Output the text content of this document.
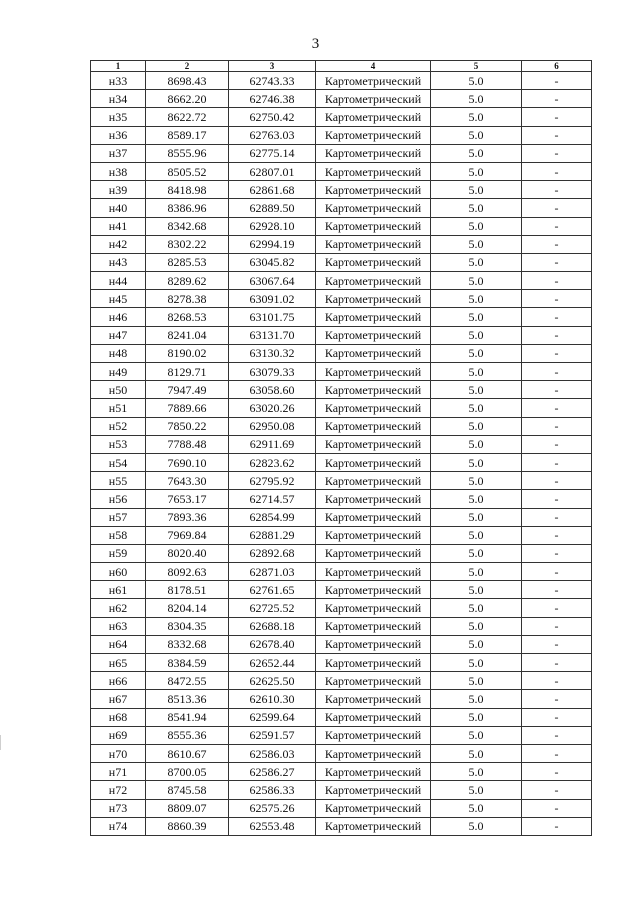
3
1	2	3	4	5	6
н33	8698.43	62743.33	Картометрический	5.0	-
н34	8662.20	62746.38	Картометрический	5.0	-
н35	8622.72	62750.42	Картометрический	5.0	-
н36	8589.17	62763.03	Картометрический	5.0	-
н37	8555.96	62775.14	Картометрический	5.0	-
н38	8505.52	62807.01	Картометрический	5.0	-
н39	8418.98	62861.68	Картометрический	5.0	-
н40	8386.96	62889.50	Картометрический	5.0	-
н41	8342.68	62928.10	Картометрический	5.0	-
н42	8302.22	62994.19	Картометрический	5.0	-
н43	8285.53	63045.82	Картометрический	5.0	-
н44	8289.62	63067.64	Картометрический	5.0	-
н45	8278.38	63091.02	Картометрический	5.0	-
н46	8268.53	63101.75	Картометрический	5.0	-
н47	8241.04	63131.70	Картометрический	5.0	-
н48	8190.02	63130.32	Картометрический	5.0	-
н49	8129.71	63079.33	Картометрический	5.0	-
н50	7947.49	63058.60	Картометрический	5.0	-
н51	7889.66	63020.26	Картометрический	5.0	-
н52	7850.22	62950.08	Картометрический	5.0	-
н53	7788.48	62911.69	Картометрический	5.0	-
н54	7690.10	62823.62	Картометрический	5.0	-
н55	7643.30	62795.92	Картометрический	5.0	-
н56	7653.17	62714.57	Картометрический	5.0	-
н57	7893.36	62854.99	Картометрический	5.0	-
н58	7969.84	62881.29	Картометрический	5.0	-
н59	8020.40	62892.68	Картометрический	5.0	-
н60	8092.63	62871.03	Картометрический	5.0	-
н61	8178.51	62761.65	Картометрический	5.0	-
н62	8204.14	62725.52	Картометрический	5.0	-
н63	8304.35	62688.18	Картометрический	5.0	-
н64	8332.68	62678.40	Картометрический	5.0	-
н65	8384.59	62652.44	Картометрический	5.0	-
н66	8472.55	62625.50	Картометрический	5.0	-
н67	8513.36	62610.30	Картометрический	5.0	-
н68	8541.94	62599.64	Картометрический	5.0	-
н69	8555.36	62591.57	Картометрический	5.0	-
н70	8610.67	62586.03	Картометрический	5.0	-
н71	8700.05	62586.27	Картометрический	5.0	-
н72	8745.58	62586.33	Картометрический	5.0	-
н73	8809.07	62575.26	Картометрический	5.0	-
н74	8860.39	62553.48	Картометрический	5.0	-
